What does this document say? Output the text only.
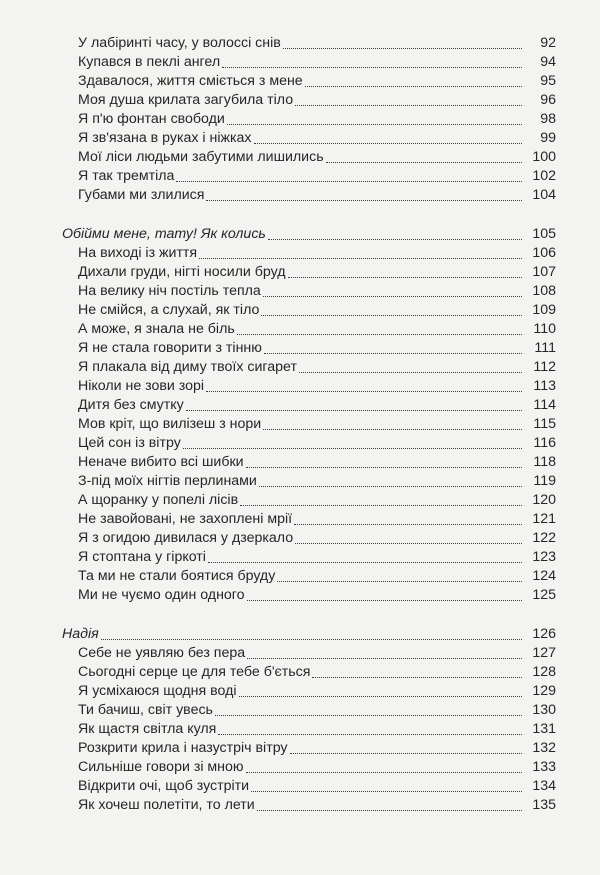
У лабіринті часу, у волоссі снів	92
Купався в пеклі ангел	94
Здавалося, життя сміється з мене	95
Моя душа крилата загубила тіло	96
Я п'ю фонтан свободи	98
Я зв'язана в руках і ніжках	99
Мої ліси людьми забутими лишились	100
Я так тремтіла	102
Губами ми злилися	104
Обійми мене, тату! Як колись	105
На виході із життя	106
Дихали груди, нігті носили бруд	107
На велику ніч постіль тепла	108
Не смійся, а слухай, як тіло	109
А може, я знала не біль	110
Я не стала говорити з тінню	111
Я плакала від диму твоїх сигарет	112
Ніколи не зови зорі	113
Дитя без смутку	114
Мов кріт, що вилізеш з нори	115
Цей сон із вітру	116
Неначе вибито всі шибки	118
З-під моїх нігтів перлинами	119
А щоранку у попелі лісів	120
Не завойовані, не захоплені мрії	121
Я з огидою дивилася у дзеркало	122
Я стоптана у гіркоті	123
Та ми не стали боятися бруду	124
Ми не чуємо один одного	125
Надія	126
Себе не уявляю без пера	127
Сьогодні серце це для тебе б'ється	128
Я усміхаюся щодня воді	129
Ти бачиш, світ увесь	130
Як щастя світла куля	131
Розкрити крила і назустріч вітру	132
Сильніше говори зі мною	133
Відкрити очі, щоб зустріти	134
Як хочеш полетіти, то лети	135
